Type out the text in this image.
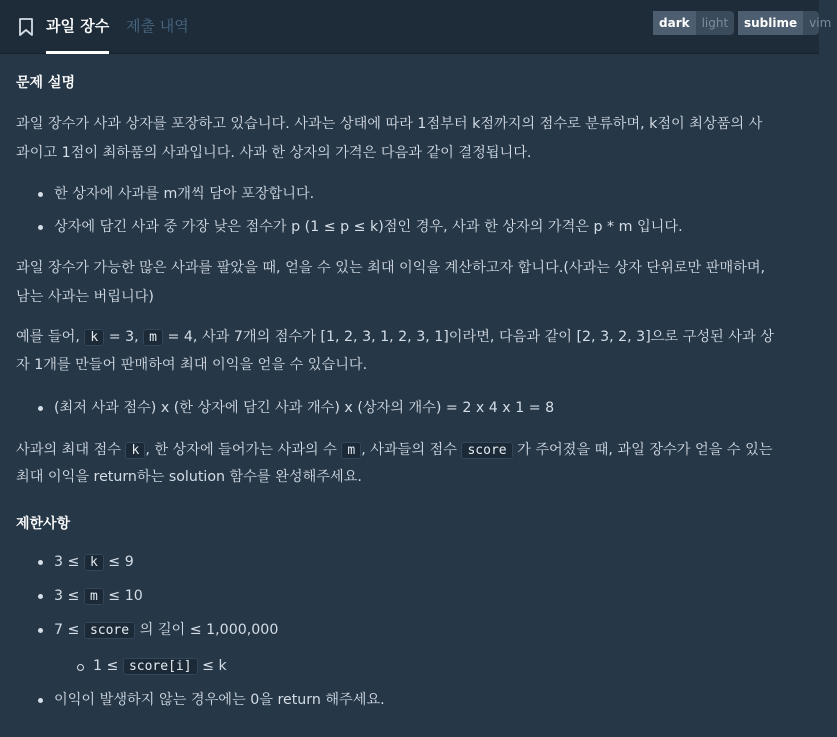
과일 장수 제출 내역	dark	light	sublime	vim
문제 설명
과일 장수가 사과 상자를 포장하고 있습니다. 사과는 상태에 따라 1점부터 k점까지의 점수로 분류하며, k점이 최상품의 사
과이고 1점이 최하품의 사과입니다. 사과 한 상자의 가격은 다음과 같이 결정됩니다.
한 상자에 사과를 m개씩 담아 포장합니다.
상자에 담긴 사과 중 가장 낮은 점수가 p (1 ≤ p ≤ k)점인 경우, 사과 한 상자의 가격은 p * m 입니다.
과일 장수가 가능한 많은 사과를 팔았을 때, 얻을 수 있는 최대 이익을 계산하고자 합니다.(사과는 상자 단위로만 판매하며,
남는 사과는 버립니다)
예를 들어, k = 3, m = 4, 사과 7개의 점수가 [1, 2, 3, 1, 2, 3, 1]이라면, 다음과 같이 [2, 3, 2, 3]으로 구성된 사과 상
자 1개를 만들어 판매하여 최대 이익을 얻을 수 있습니다.
(최저 사과 점수) x (한 상자에 담긴 사과 개수) x (상자의 개수) = 2 x 4 x 1 = 8
사과의 최대 점수 k , 한 상자에 들어가는 사과의 수 m , 사과들의 점수 score 가 주어졌을 때, 과일 장수가 얻을 수 있는
최대 이익을 return하는 solution 함수를 완성해주세요.
제한사항
3 ≤ k ≤ 9
3 ≤ m ≤ 10
7 ≤ score 의 길이 ≤ 1,000,000
1 ≤ score[i] ≤ k
이익이 발생하지 않는 경우에는 0을 return 해주세요.
